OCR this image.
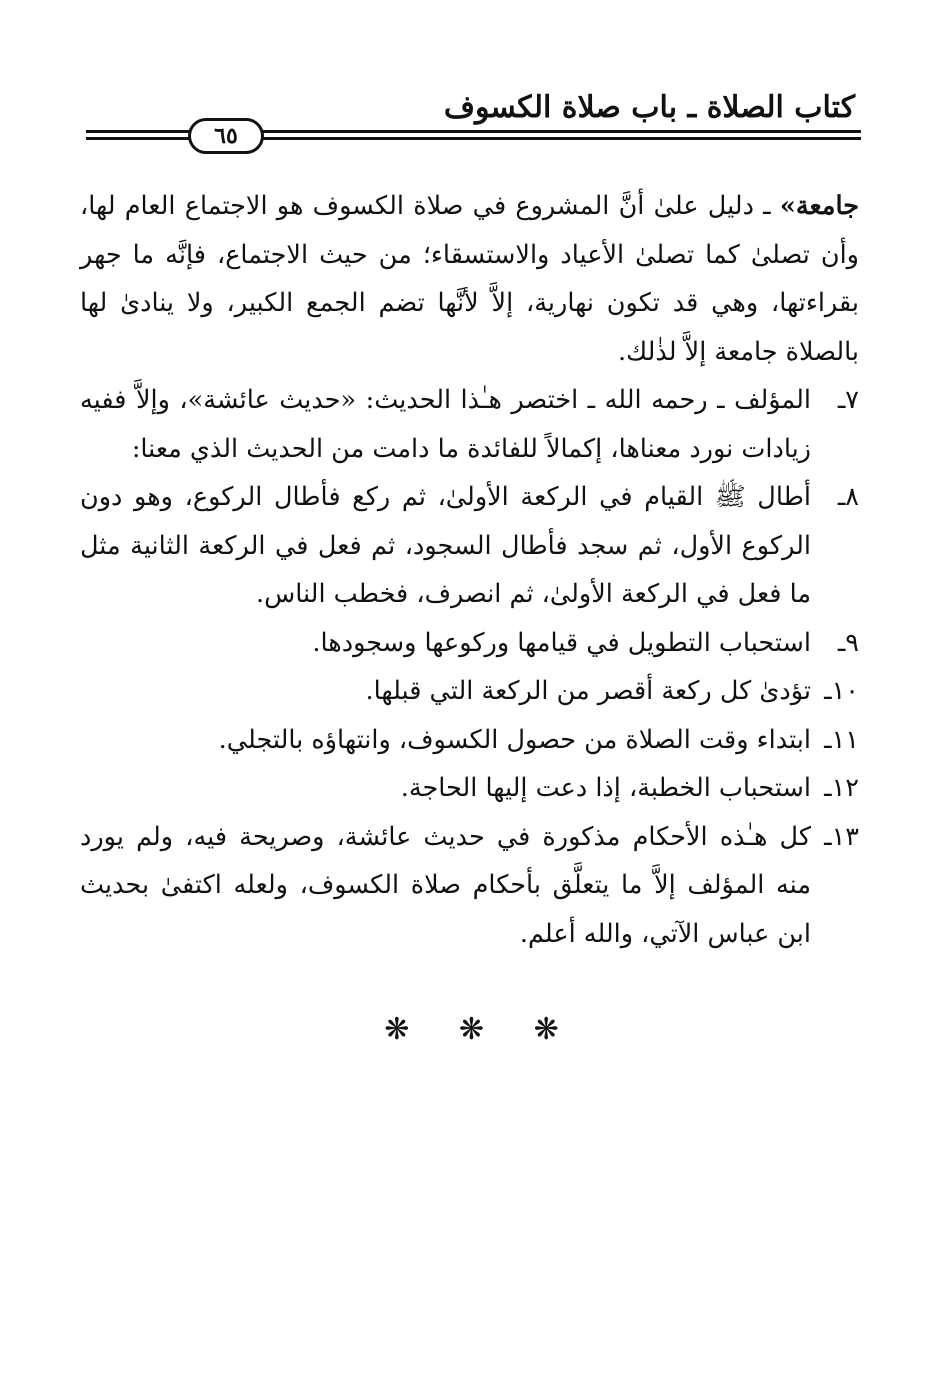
كتاب الصلاة ـ باب صلاة الكسوف
٦٥

جامعة» ـ دليل علىٰ أنَّ المشروع في صلاة الكسوف هو الاجتماع العام لها، وأن تصلىٰ كما تصلىٰ الأعياد والاستسقاء؛ من حيث الاجتماع، فإنَّه ما جهر بقراءتها، وهي قد تكون نهارية، إلاَّ لأنَّها تضم الجمع الكبير، ولا ينادىٰ لها بالصلاة جامعة إلاَّ لذٰلك.

٧ـ
المؤلف ـ رحمه الله ـ اختصر هـٰذا الحديث: «حديث عائشة»، وإلاَّ ففيه زيادات نورد معناها، إكمالاً للفائدة ما دامت من الحديث الذي معنا:

٨ـ
أطال ﷺ القيام في الركعة الأولىٰ، ثم ركع فأطال الركوع، وهو دون الركوع الأول، ثم سجد فأطال السجود، ثم فعل في الركعة الثانية مثل ما فعل في الركعة الأولىٰ، ثم انصرف، فخطب الناس.

٩ـ
استحباب التطويل في قيامها وركوعها وسجودها.

١٠ـ
تؤدىٰ كل ركعة أقصر من الركعة التي قبلها.

١١ـ
ابتداء وقت الصلاة من حصول الكسوف، وانتهاؤه بالتجلي.

١٢ـ
استحباب الخطبة، إذا دعت إليها الحاجة.

١٣ـ
كل هـٰذه الأحكام مذكورة في حديث عائشة، وصريحة فيه، ولم يورد منه المؤلف إلاَّ ما يتعلَّق بأحكام صلاة الكسوف، ولعله اكتفىٰ بحديث ابن عباس الآتي، والله أعلم.

❋ ❋ ❋
